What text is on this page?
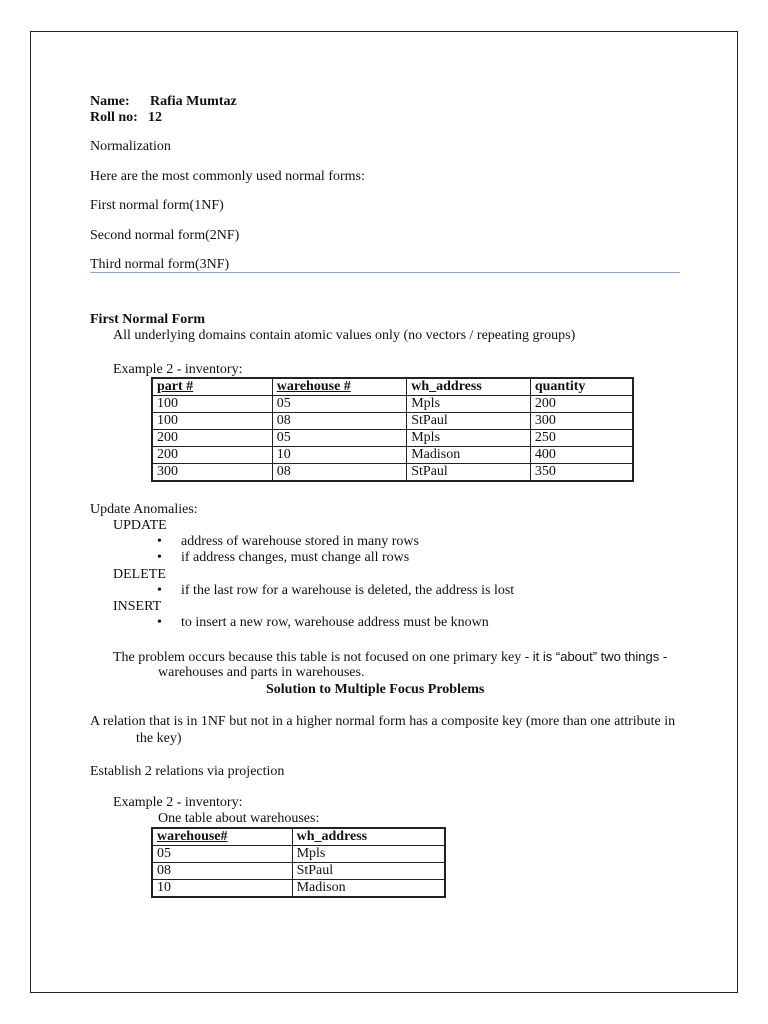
Name: Rafia Mumtaz
Roll no: 12
Normalization
Here are the most commonly used normal forms:
First normal form(1NF)
Second normal form(2NF)
Third normal form(3NF)
First Normal Form
All underlying domains contain atomic values only (no vectors / repeating groups)
Example 2 - inventory:
part #	warehouse #	wh_address	quantity
100	05	Mpls	200
100	08	StPaul	300
200	05	Mpls	250
200	10	Madison	400
300	08	StPaul	350
Update Anomalies:
UPDATE
• address of warehouse stored in many rows
• if address changes, must change all rows
DELETE
• if the last row for a warehouse is deleted, the address is lost
INSERT
• to insert a new row, warehouse address must be known
The problem occurs because this table is not focused on one primary key - it is “about” two things -
warehouses and parts in warehouses.
Solution to Multiple Focus Problems
A relation that is in 1NF but not in a higher normal form has a composite key (more than one attribute in
the key)
Establish 2 relations via projection
Example 2 - inventory:
One table about warehouses:
warehouse#	wh_address
05	Mpls
08	StPaul
10	Madison
